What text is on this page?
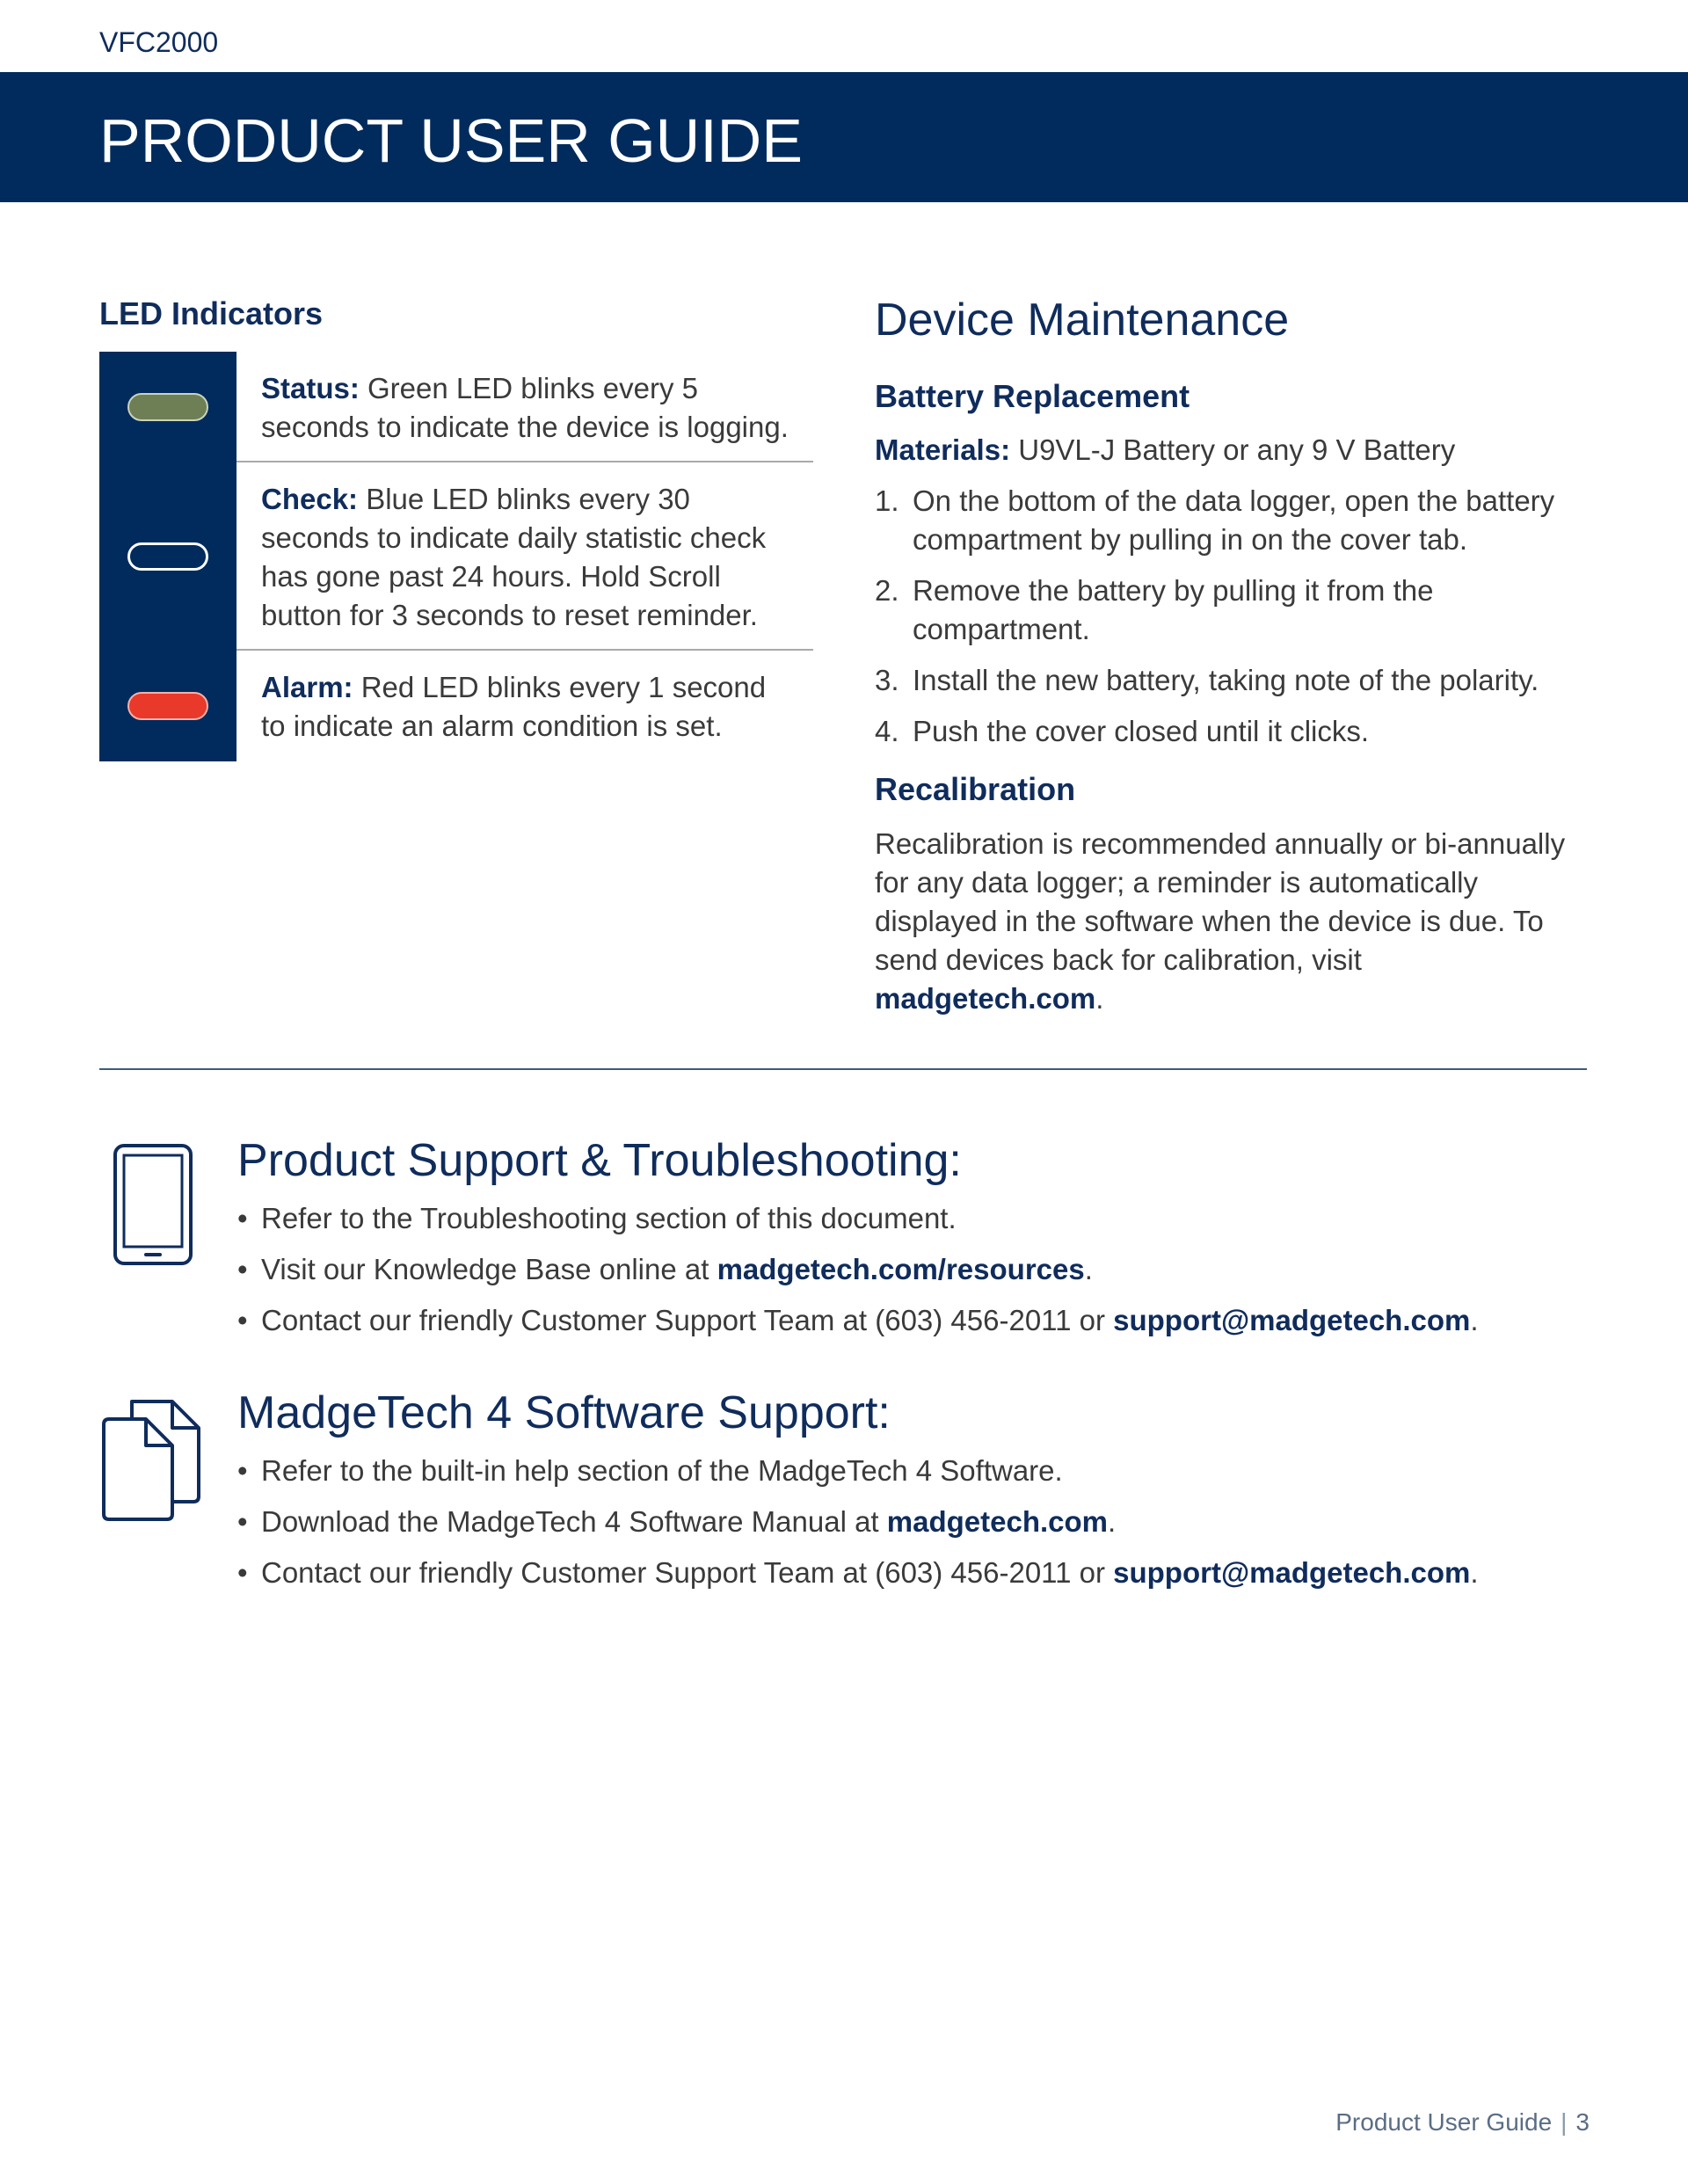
VFC2000
PRODUCT USER GUIDE
LED Indicators
Status: Green LED blinks every 5 seconds to indicate the device is logging.
Check: Blue LED blinks every 30 seconds to indicate daily statistic check has gone past 24 hours. Hold Scroll button for 3 seconds to reset reminder.
Alarm: Red LED blinks every 1 second to indicate an alarm condition is set.
Device Maintenance
Battery Replacement
Materials: U9VL-J Battery or any 9 V Battery
1. On the bottom of the data logger, open the battery compartment by pulling in on the cover tab.
2. Remove the battery by pulling it from the compartment.
3. Install the new battery, taking note of the polarity.
4. Push the cover closed until it clicks.
Recalibration
Recalibration is recommended annually or bi-annually for any data logger; a reminder is automatically displayed in the software when the device is due. To send devices back for calibration, visit madgetech.com.
Product Support & Troubleshooting:
• Refer to the Troubleshooting section of this document.
• Visit our Knowledge Base online at madgetech.com/resources.
• Contact our friendly Customer Support Team at (603) 456-2011 or support@madgetech.com.
MadgeTech 4 Software Support:
• Refer to the built-in help section of the MadgeTech 4 Software.
• Download the MadgeTech 4 Software Manual at madgetech.com.
• Contact our friendly Customer Support Team at (603) 456-2011 or support@madgetech.com.
Product User Guide | 3
